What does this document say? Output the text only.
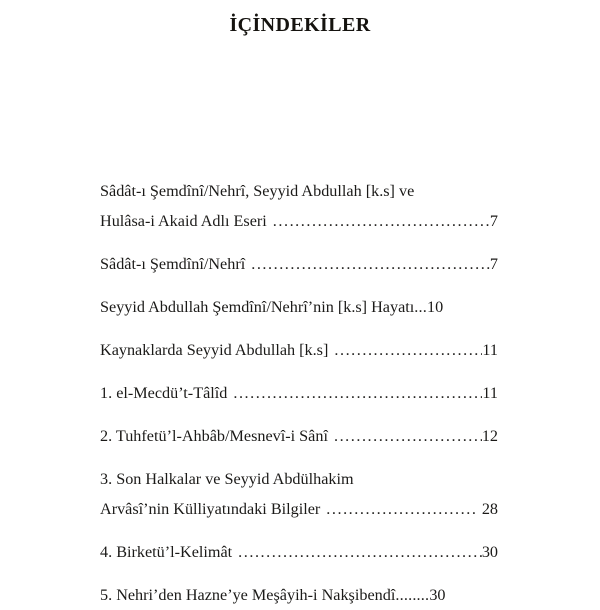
İÇİNDEKİLER
Sâdât-ı Şemdînî/Nehrî, Seyyid Abdullah [k.s] ve
Hulâsa-i Akaid Adlı Eseri .....	7
Sâdât-ı Şemdînî/Nehrî .....	7
Seyyid Abdullah Şemdînî/Nehrî’nin [k.s] Hayatı ... 10
Kaynaklarda Seyyid Abdullah [k.s] .....	11
1. el-Mecdü’t-Tâlîd .....	11
2. Tuhfetü’l-Ahbâb/Mesnevî-i Sânî .....	12
3. Son Halkalar ve Seyyid Abdülhakim
Arvâsî’nin Külliyatındaki Bilgiler .....	28
4. Birketü’l-Kelimât .....	30
5. Nehri’den Hazne’ye Meşâyih-i Nakşibendî ........ 30
